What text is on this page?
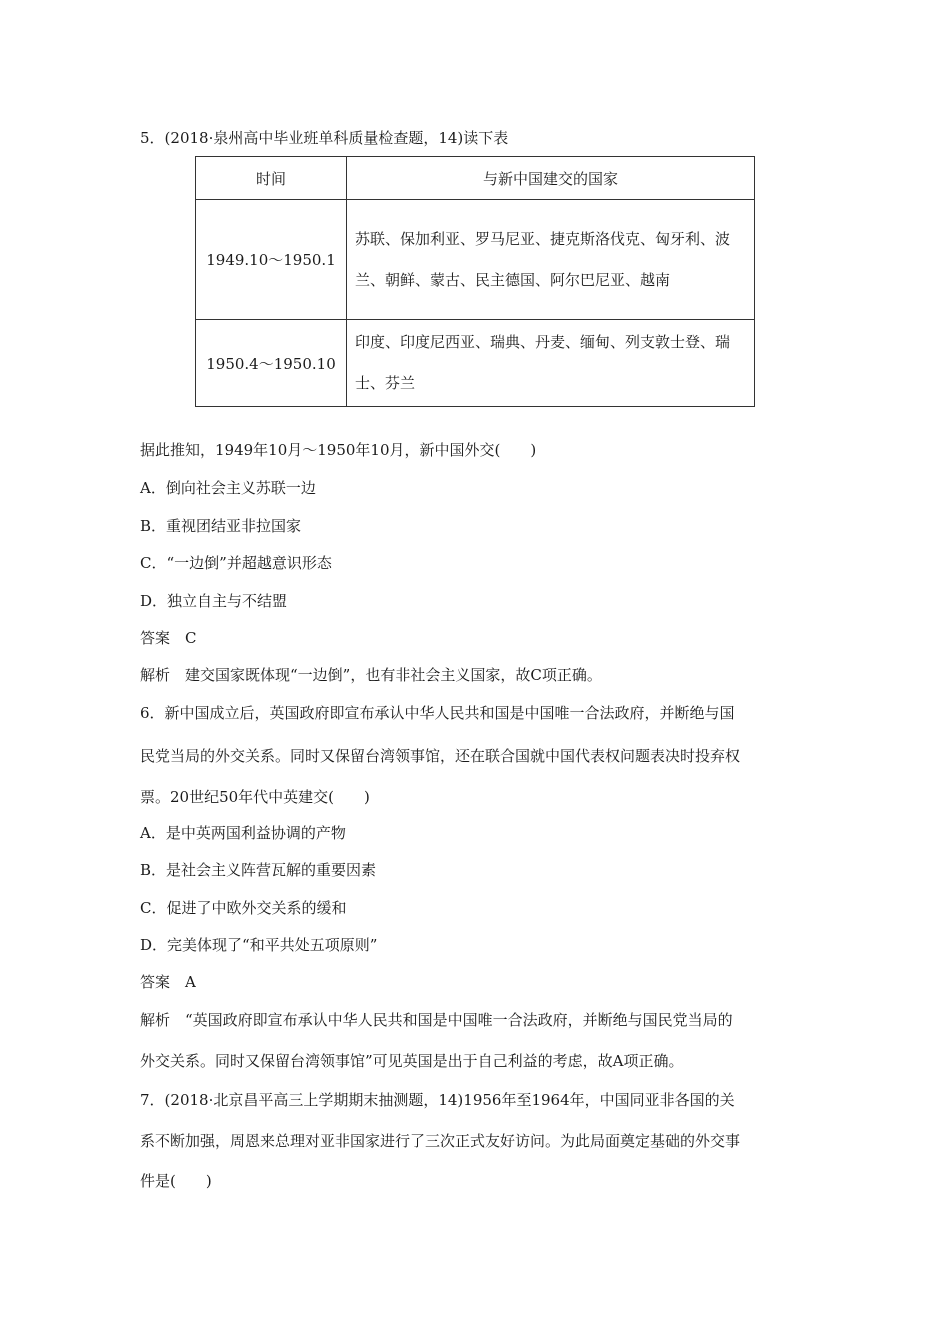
5．(2018·泉州高中毕业班单科质量检查题，14)读下表
时间	与新中国建交的国家
1949.10～1950.1	苏联、保加利亚、罗马尼亚、捷克斯洛伐克、匈牙利、波兰、朝鲜、蒙古、民主德国、阿尔巴尼亚、越南
1950.4～1950.10	印度、印度尼西亚、瑞典、丹麦、缅甸、列支敦士登、瑞士、芬兰
据此推知，1949年10月～1950年10月，新中国外交(　　)
A．倒向社会主义苏联一边
B．重视团结亚非拉国家
C．“一边倒”并超越意识形态
D．独立自主与不结盟
答案　C
解析　建交国家既体现“一边倒”，也有非社会主义国家，故C项正确。
6．新中国成立后，英国政府即宣布承认中华人民共和国是中国唯一合法政府，并断绝与国
民党当局的外交关系。同时又保留台湾领事馆，还在联合国就中国代表权问题表决时投弃权
票。20世纪50年代中英建交(　　)
A．是中英两国利益协调的产物
B．是社会主义阵营瓦解的重要因素
C．促进了中欧外交关系的缓和
D．完美体现了“和平共处五项原则”
答案　A
解析　“英国政府即宣布承认中华人民共和国是中国唯一合法政府，并断绝与国民党当局的
外交关系。同时又保留台湾领事馆”可见英国是出于自己利益的考虑，故A项正确。
7．(2018·北京昌平高三上学期期末抽测题，14)1956年至1964年，中国同亚非各国的关
系不断加强，周恩来总理对亚非国家进行了三次正式友好访问。为此局面奠定基础的外交事
件是(　　)
